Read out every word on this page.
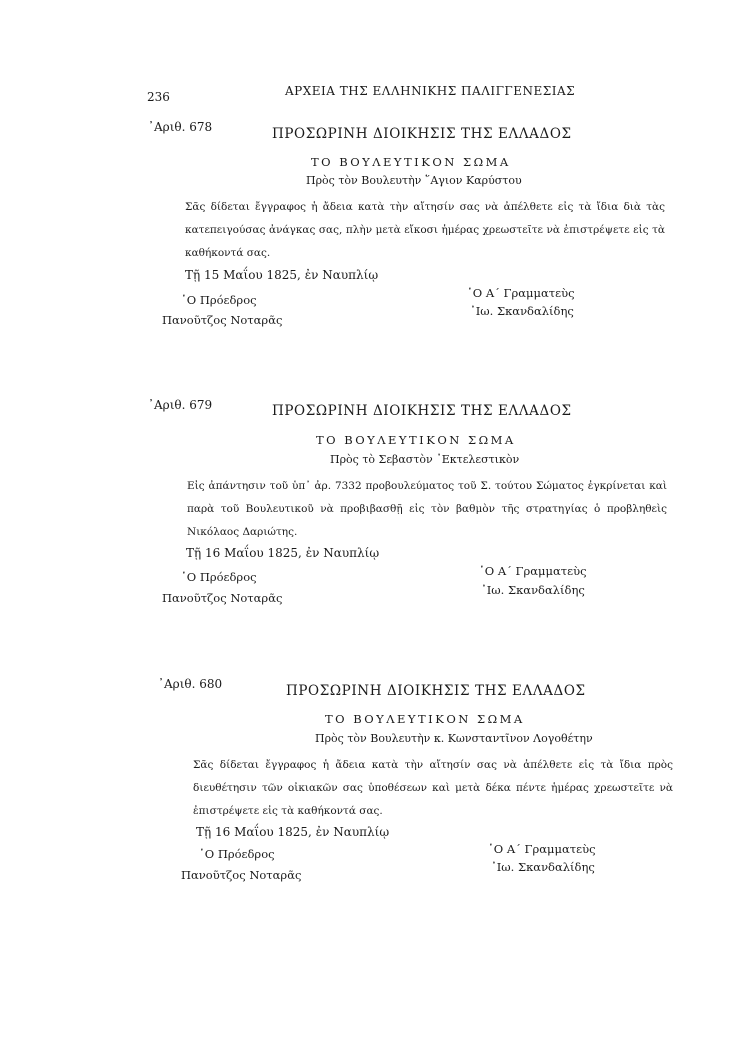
236	ΑΡΧΕΙΑ ΤΗΣ ΕΛΛΗΝΙΚΗΣ ΠΑΛΙΓΓΕΝΕΣΙΑΣ
᾿Αριθ. 678	ΠΡΟΣΩΡΙΝΗ ΔΙΟΙΚΗΣΙΣ ΤΗΣ ΕΛΛΑΔΟΣ
ΤΟ ΒΟΥΛΕΥΤΙΚΟΝ ΣΩΜΑ
Πρὸς τὸν Βουλευτὴν ῞Αγιον Καρύστου
Σᾶς δίδεται ἔγγραφος ἡ ἄδεια κατὰ τὴν αἴτησίν σας νὰ ἀπέλθετε εἰς τὰ ἴδια διὰ τὰς κατεπειγούσας ἀνάγκας σας, πλὴν μετὰ εἴκοσι ἡμέρας χρεωστεῖτε νὰ ἐπιστρέψετε εἰς τὰ καθήκοντά σας.
Τῇ 15 Μαΐου 1825, ἐν Ναυπλίῳ
῾Ο Πρόεδρος
Πανοῦτζος Νοταρᾶς
῾Ο Α΄ Γραμματεὺς
᾿Ιω. Σκανδαλίδης
᾿Αριθ. 679	ΠΡΟΣΩΡΙΝΗ ΔΙΟΙΚΗΣΙΣ ΤΗΣ ΕΛΛΑΔΟΣ
ΤΟ ΒΟΥΛΕΥΤΙΚΟΝ ΣΩΜΑ
Πρὸς τὸ Σεβαστὸν ᾿Εκτελεστικὸν
Εἰς ἀπάντησιν τοῦ ὑπ᾿ ἀρ. 7332 προβουλεύματος τοῦ Σ. τούτου Σώματος ἐγκρίνεται καὶ παρὰ τοῦ Βουλευτικοῦ νὰ προβιβασθῇ εἰς τὸν βαθμὸν τῆς στρατηγίας ὁ προβληθεὶς Νικόλαος Δαριώτης.
Τῇ 16 Μαΐου 1825, ἐν Ναυπλίῳ
῾Ο Πρόεδρος
Πανοῦτζος Νοταρᾶς
῾Ο Α΄ Γραμματεὺς
᾿Ιω. Σκανδαλίδης
᾿Αριθ. 680	ΠΡΟΣΩΡΙΝΗ ΔΙΟΙΚΗΣΙΣ ΤΗΣ ΕΛΛΑΔΟΣ
ΤΟ ΒΟΥΛΕΥΤΙΚΟΝ ΣΩΜΑ
Πρὸς τὸν Βουλευτὴν κ. Κωνσταντῖνον Λογοθέτην
Σᾶς δίδεται ἔγγραφος ἡ ἄδεια κατὰ τὴν αἴτησίν σας νὰ ἀπέλθετε εἰς τὰ ἴδια πρὸς διευθέτησιν τῶν οἰκιακῶν σας ὑποθέσεων καὶ μετὰ δέκα πέντε ἡμέρας χρεωστεῖτε νὰ ἐπιστρέψετε εἰς τὰ καθήκοντά σας.
Τῇ 16 Μαΐου 1825, ἐν Ναυπλίῳ
῾Ο Πρόεδρος
Πανοῦτζος Νοταρᾶς
῾Ο Α΄ Γραμματεὺς
᾿Ιω. Σκανδαλίδης
